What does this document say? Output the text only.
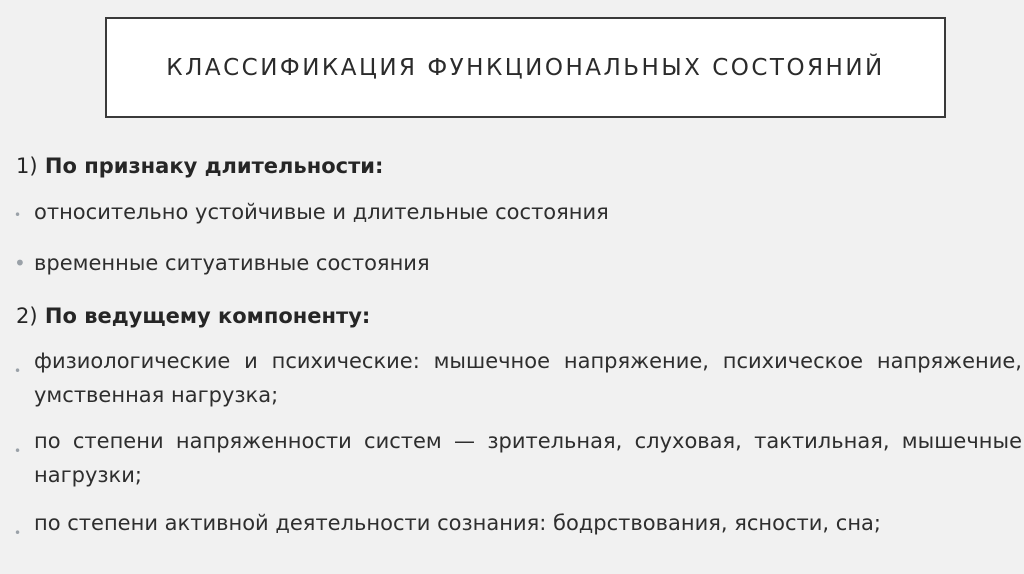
КЛАССИФИКАЦИЯ ФУНКЦИОНАЛЬНЫХ СОСТОЯНИЙ
1) По признаку длительности:
• относительно устойчивые и длительные состояния
• временные ситуативные состояния
2) По ведущему компоненту:
• физиологические и психические: мышечное напряжение, психическое напряжение, умственная нагрузка;
• по степени напряженности систем — зрительная, слуховая, тактильная, мышечные нагрузки;
• по степени активной деятельности сознания: бодрствования, ясности, сна;
